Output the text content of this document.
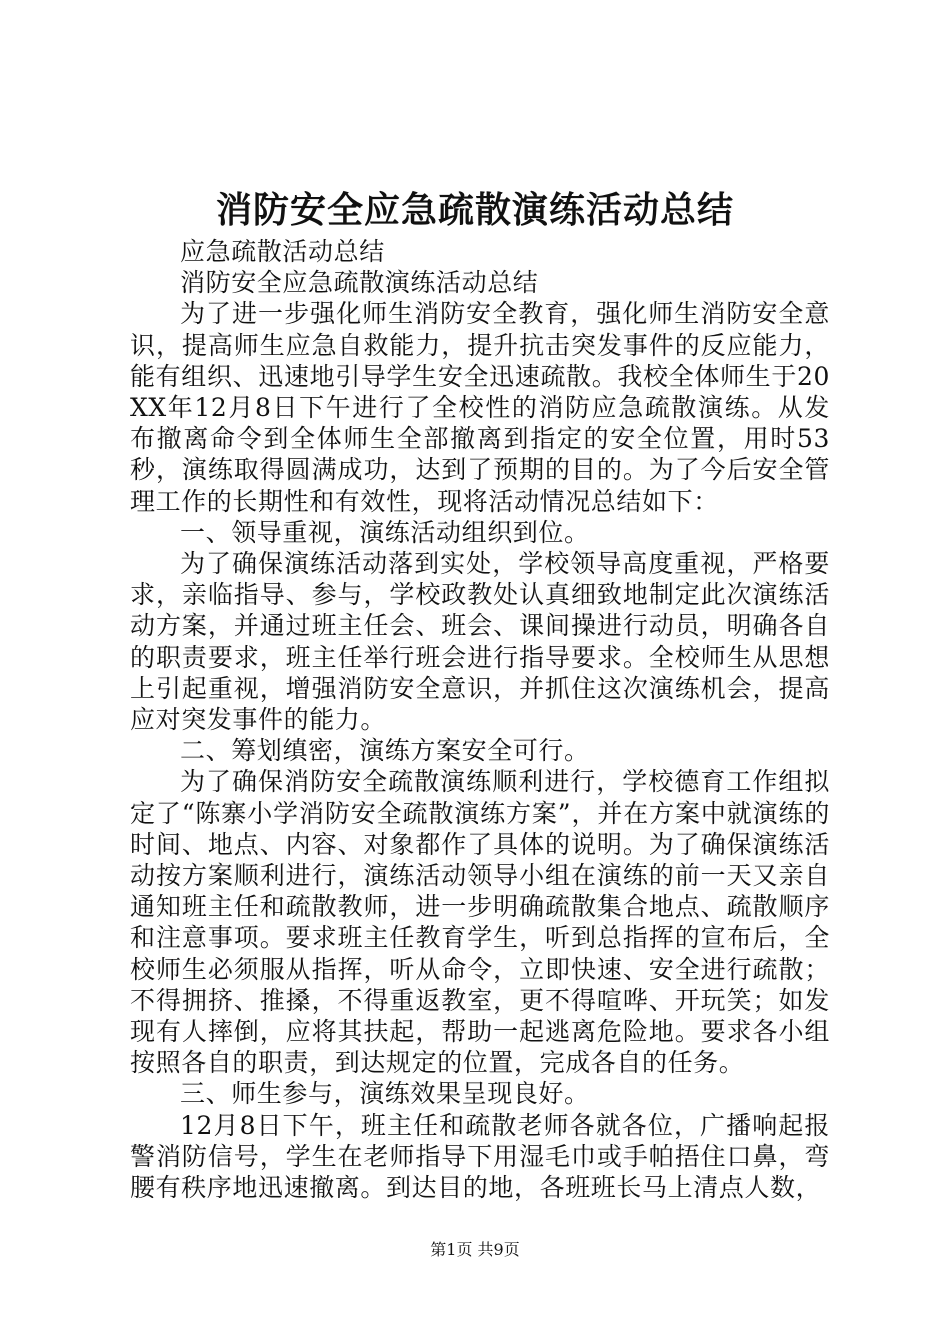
消防安全应急疏散演练活动总结

应急疏散活动总结

消防安全应急疏散演练活动总结

为了进一步强化师生消防安全教育，强化师生消防安全意识，提高师生应急自救能力，提升抗击突发事件的反应能力，能有组织、迅速地引导学生安全迅速疏散。我校全体师生于20XX年12月8日下午进行了全校性的消防应急疏散演练。从发布撤离命令到全体师生全部撤离到指定的安全位置，用时53秒，演练取得圆满成功，达到了预期的目的。为了今后安全管理工作的长期性和有效性，现将活动情况总结如下：

一、领导重视，演练活动组织到位。

为了确保演练活动落到实处，学校领导高度重视，严格要求，亲临指导、参与，学校政教处认真细致地制定此次演练活动方案，并通过班主任会、班会、课间操进行动员，明确各自的职责要求，班主任举行班会进行指导要求。全校师生从思想上引起重视，增强消防安全意识，并抓住这次演练机会，提高应对突发事件的能力。

二、筹划缜密，演练方案安全可行。

为了确保消防安全疏散演练顺利进行，学校德育工作组拟定了“陈寨小学消防安全疏散演练方案”，并在方案中就演练的时间、地点、内容、对象都作了具体的说明。为了确保演练活动按方案顺利进行，演练活动领导小组在演练的前一天又亲自通知班主任和疏散教师，进一步明确疏散集合地点、疏散顺序和注意事项。要求班主任教育学生，听到总指挥的宣布后，全校师生必须服从指挥，听从命令，立即快速、安全进行疏散；不得拥挤、推搡，不得重返教室，更不得喧哗、开玩笑；如发现有人摔倒，应将其扶起，帮助一起逃离危险地。要求各小组按照各自的职责，到达规定的位置，完成各自的任务。

三、师生参与，演练效果呈现良好。

12月8日下午，班主任和疏散老师各就各位，广播响起报警消防信号，学生在老师指导下用湿毛巾或手帕捂住口鼻，弯腰有秩序地迅速撤离。到达目的地，各班班长马上清点人数，

第1页 共9页
